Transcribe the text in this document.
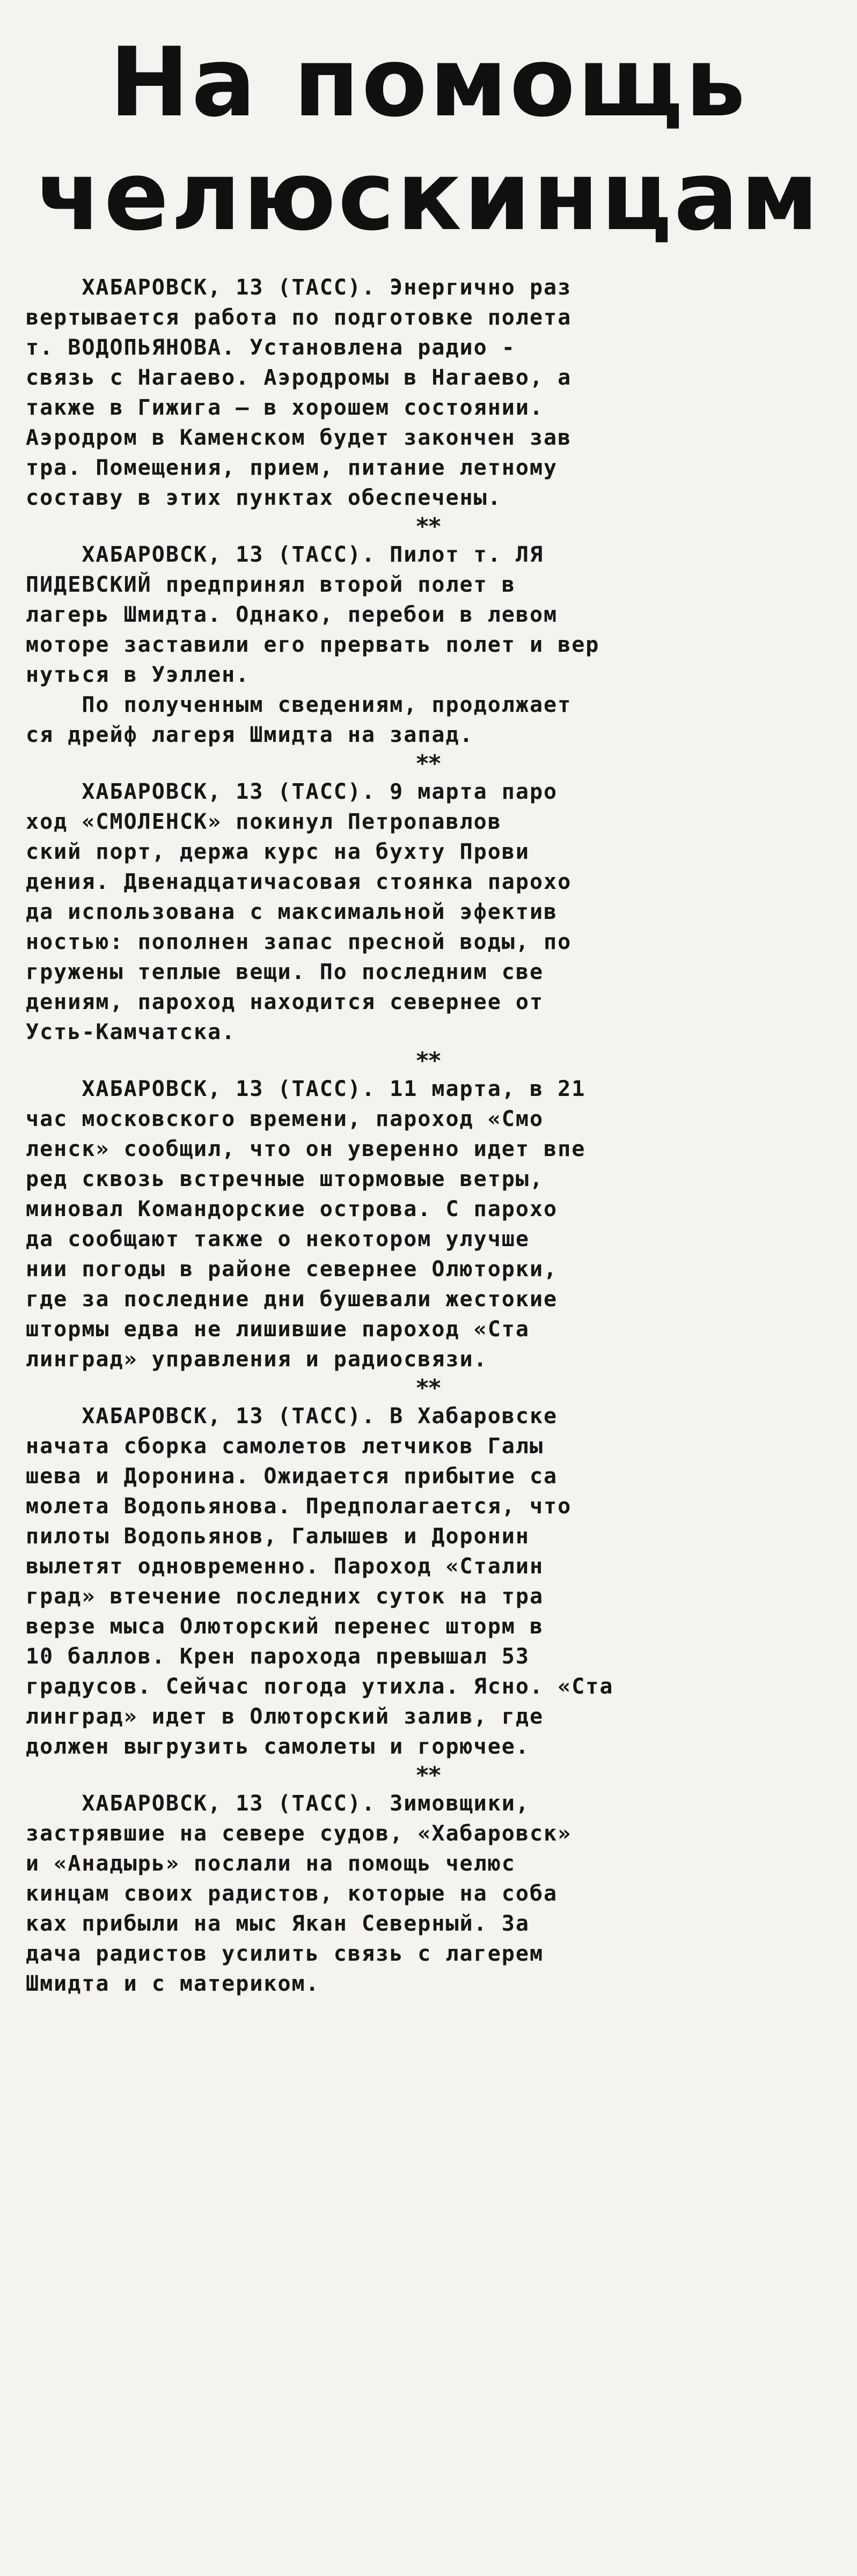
На помощь
челюскинцам

ХАБАРОВСК, 13 (ТАСС). Энергично раз
вертывается работа по подготовке полета
т. ВОДОПЬЯНОВА. Установлена радио -
связь с Нагаево. Аэродромы в Нагаево, а
также в Гижига — в хорошем состоянии.
Аэродром в Каменском будет закончен зав
тра. Помещения, прием, питание летному
составу в этих пунктах обеспечены.

**

ХАБАРОВСК, 13 (ТАСС). Пилот т. ЛЯ
ПИДЕВСКИЙ предпринял второй полет в
лагерь Шмидта. Однако, перебои в левом
моторе заставили его прервать полет и вер
нуться в Уэллен.
По полученным сведениям, продолжает
ся дрейф лагеря Шмидта на запад.

**

ХАБАРОВСК, 13 (ТАСС). 9 марта паро
ход «СМОЛЕНСК» покинул Петропавлов
ский порт, держа курс на бухту Прови
дения. Двенадцатичасовая стоянка парохо
да использована с максимальной эфектив
ностью: пополнен запас пресной воды, по
гружены теплые вещи. По последним све
дениям, пароход находится севернее от
Усть-Камчатска.

**

ХАБАРОВСК, 13 (ТАСС). 11 марта, в 21
час московского времени, пароход «Смо
ленск» сообщил, что он уверенно идет впе
ред сквозь встречные штормовые ветры,
миновал Командорские острова. С парохо
да сообщают также о некотором улучше
нии погоды в районе севернее Олюторки,
где за последние дни бушевали жестокие
штормы едва не лишившие пароход «Ста
линград» управления и радиосвязи.

**

ХАБАРОВСК, 13 (ТАСС). В Хабаровске
начата сборка самолетов летчиков Галы
шева и Доронина. Ожидается прибытие са
молета Водопьянова. Предполагается, что
пилоты Водопьянов, Галышев и Доронин
вылетят одновременно. Пароход «Сталин
град» втечение последних суток на тра
верзе мыса Олюторский перенес шторм в
10 баллов. Крен парохода превышал 53
градусов. Сейчас погода утихла. Ясно. «Ста
линград» идет в Олюторский залив, где
должен выгрузить самолеты и горючее.

**

ХАБАРОВСК, 13 (ТАСС). Зимовщики,
застрявшие на севере судов, «Хабаровск»
и «Анадырь» послали на помощь челюс
кинцам своих радистов, которые на соба
ках прибыли на мыс Якан Северный. За
дача радистов усилить связь с лагерем
Шмидта и с материком.
